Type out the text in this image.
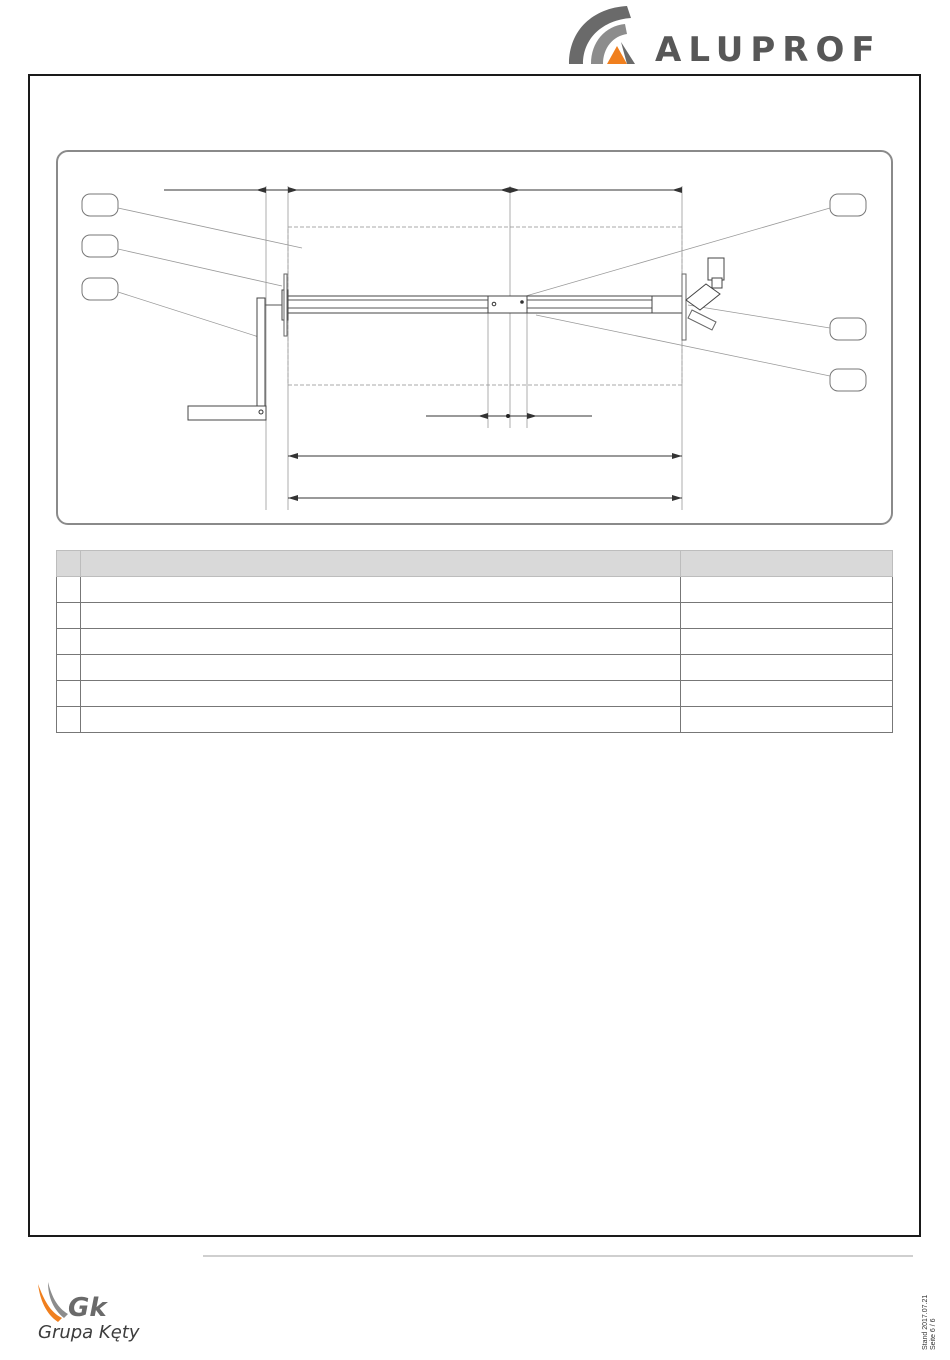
ALUPROF

Gk
Grupa Kęty	Stand 2017.07.21 Seite 6 / 6
